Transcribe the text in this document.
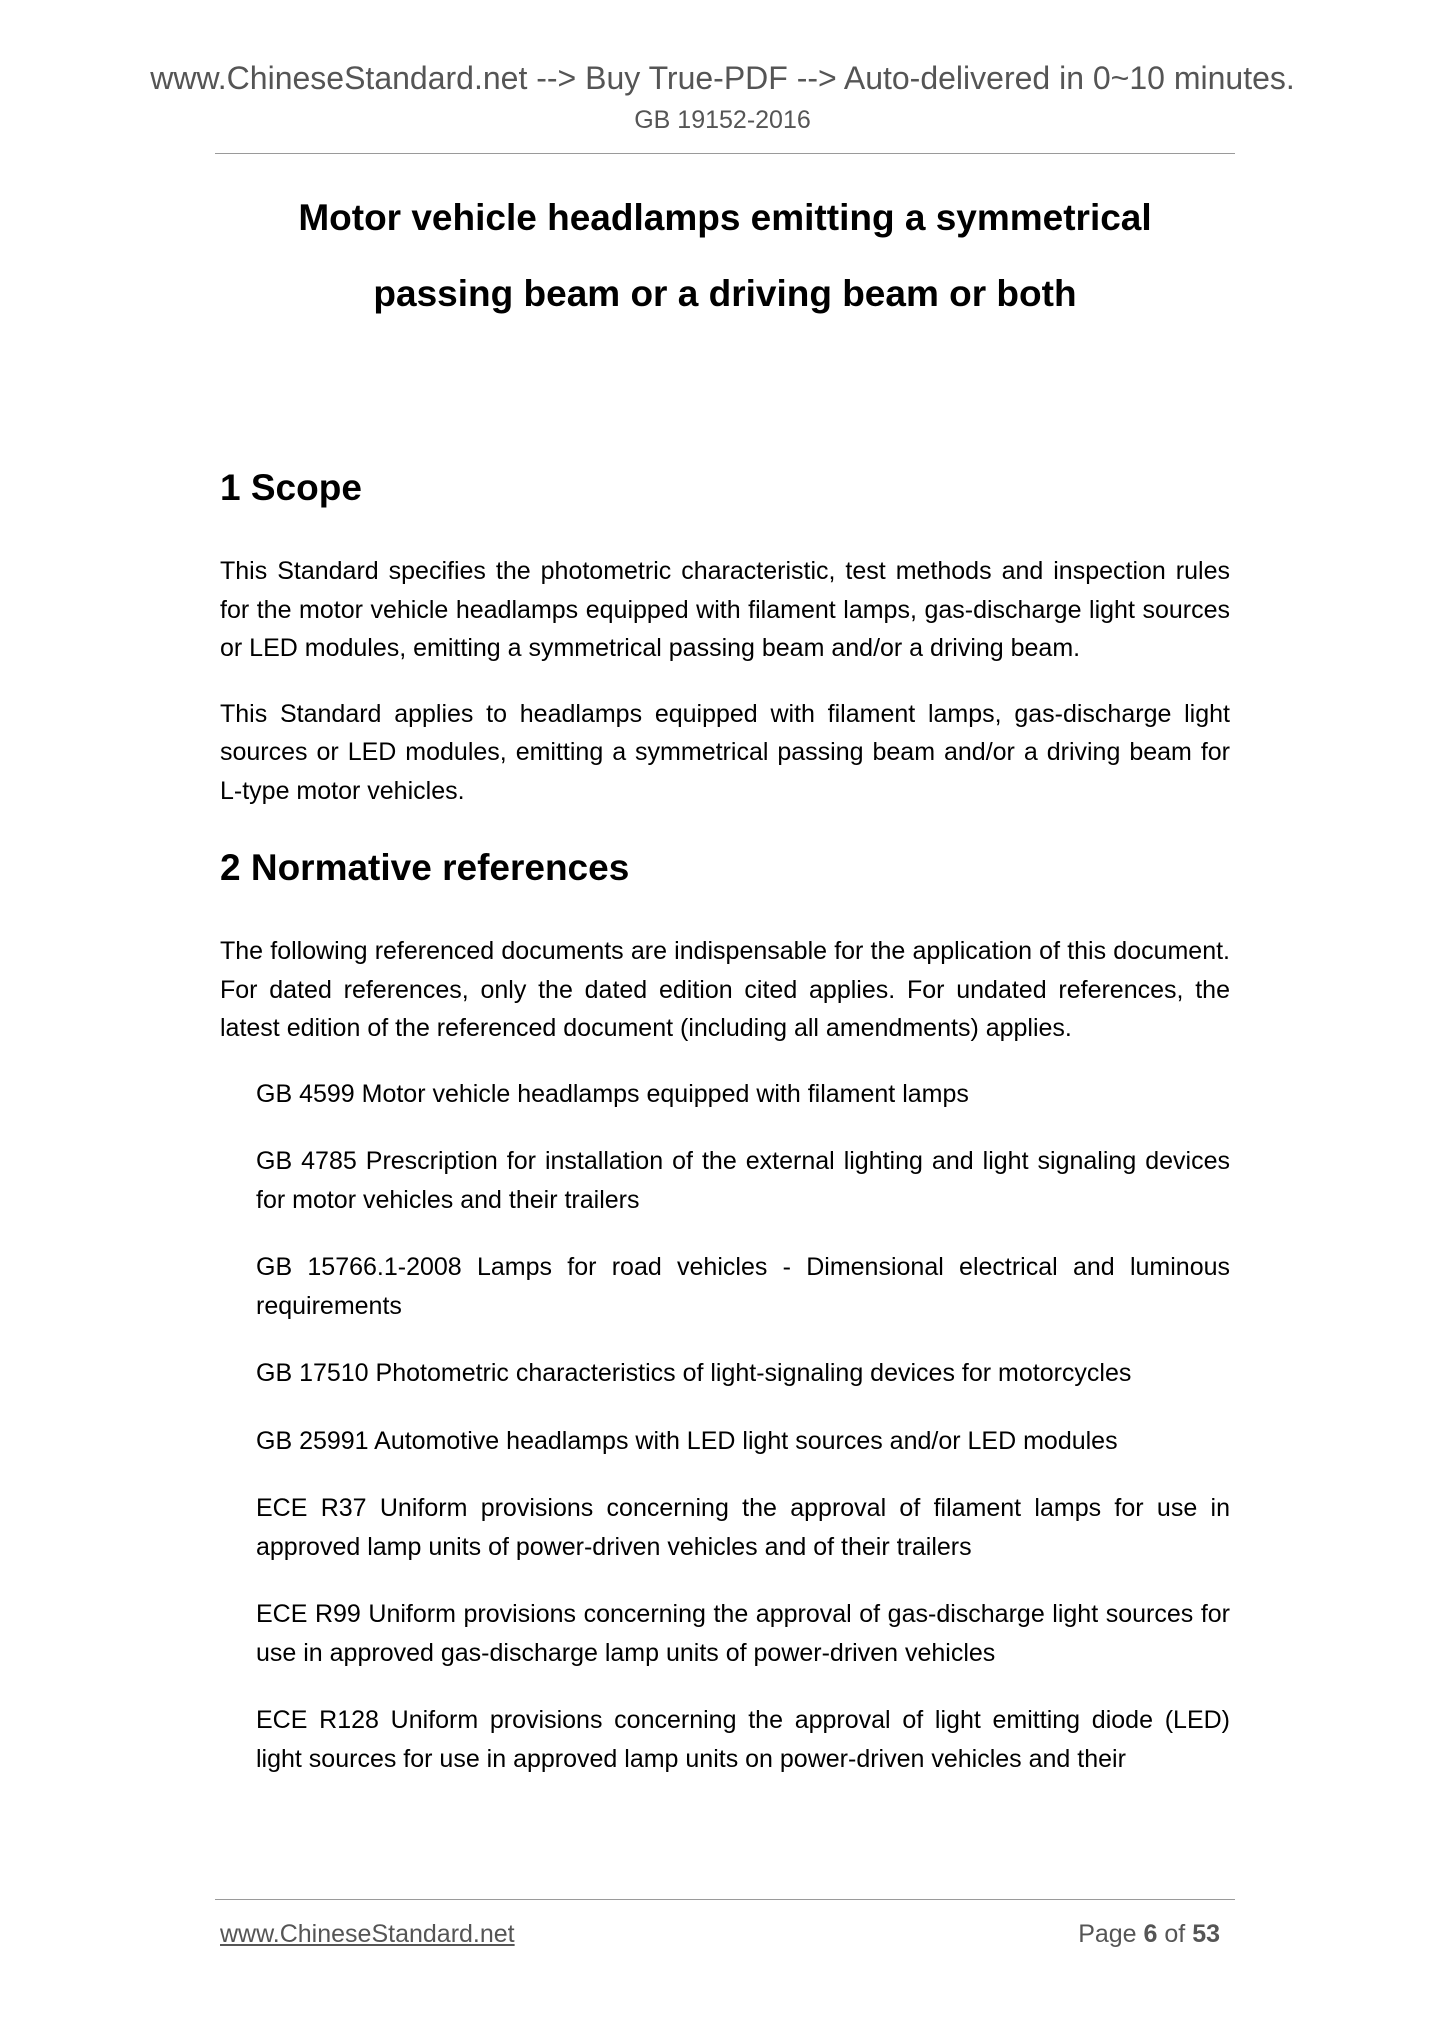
www.ChineseStandard.net --> Buy True-PDF --> Auto-delivered in 0~10 minutes.
GB 19152-2016
Motor vehicle headlamps emitting a symmetrical
passing beam or a driving beam or both
1 Scope

This Standard specifies the photometric characteristic, test methods and inspection rules for the motor vehicle headlamps equipped with filament lamps, gas-discharge light sources or LED modules, emitting a symmetrical passing beam and/or a driving beam.

This Standard applies to headlamps equipped with filament lamps, gas-discharge light sources or LED modules, emitting a symmetrical passing beam and/or a driving beam for L-type motor vehicles.

2 Normative references

The following referenced documents are indispensable for the application of this document. For dated references, only the dated edition cited applies. For undated references, the latest edition of the referenced document (including all amendments) applies.

GB 4599 Motor vehicle headlamps equipped with filament lamps
GB 4785 Prescription for installation of the external lighting and light signaling devices for motor vehicles and their trailers
GB 15766.1-2008 Lamps for road vehicles - Dimensional electrical and luminous requirements
GB 17510 Photometric characteristics of light-signaling devices for motorcycles
GB 25991 Automotive headlamps with LED light sources and/or LED modules
ECE R37 Uniform provisions concerning the approval of filament lamps for use in approved lamp units of power-driven vehicles and of their trailers
ECE R99 Uniform provisions concerning the approval of gas-discharge light sources for use in approved gas-discharge lamp units of power-driven vehicles
ECE R128 Uniform provisions concerning the approval of light emitting diode (LED) light sources for use in approved lamp units on power-driven vehicles and their
www.ChineseStandard.net	Page 6 of 53
